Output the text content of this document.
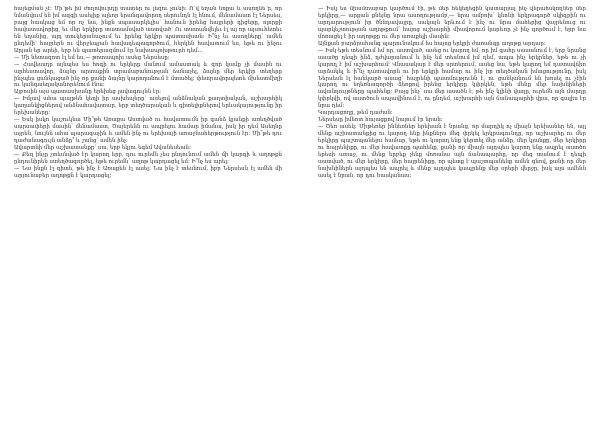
հայեցման չէ: Մի՞թե իմ ժողովուրդը տատեր ու լեզու չունի: Ո՞վ եղան նոքա և ասողնե՞ր, որ նմանվում են իմ ազգի ասելիք ալեոր երանգավորող սերունդն էլ հնում, մենամաստ էլ Ներսես, բայց հասկաց եմ որ ոչ նա, ինքն սպասարկելիս՝ հանուն իրենց հայրերի դիցերը, ոլորքի հավատավորից, եւ մեր երկիրը տատամսված աստված՝ Ու տատանվելեւ էլ այ որ այսուհետեւ են եղանից, այդ տուկերանաչում եւ իրենց երկիր պատասխան: Ի՞նչ եւ ասողները՝ ամեն ընդեմի՝ հայրերն ու վերջեպյան հավադեպագործում, հերկեն հավատում ես, եթե ու ինչու Արյան եր արեի, երբ են պատերազմում էր նախապոխթուրհ դեմ...

— Մի նետազոտ էլ եմ ես,— թոտապոխ ասեց Ներսեսը:

— Հավեսսդր այնպես ես հոգի ու երկերը մանում ամաստակ և զոր կամք չի մասին ու արհեստավոր, ձայնը արտաքին տրամաբանության ճանաչել, ձայնը մեր երկիր տեղերը ինչպես ցանկացած ինչ որ քանի ձայնը կարողանում է մտածել: փետրավորպետե մխեստմիղի ու կանգաեղականորենում էնա:

Այբոսին այս պատասխանը երեխեց լավագույնն էր:

— Իմլավ ահա պայթեն կեղի իր ասխեպերը՝ ասելով անձնական քաղտիական, աշխարհիկ կաղանկիցներով անձնահավատար, երբ տեղծարական և գիտելիքներով երևակայությունը իր երեխաները:

— Եսկ իսկո կաշուկնա Մի՞թե Առաքա Աստված ու հավատումն իր գանձ կյանքի առեղծված սարսափերի մասին՝ մենամաստ, Ծայերենն ու ապրելու համար իմանա, իսկ իր դեմ Ասեղնը այրեն, նույնն ահա պարագային և ամեն ինչ ու երեխայի առաջնահերթություն էր: Մի՞թե դու դաժանագույն անձը՞ և շանց՝ ամեն ինչ:

Ավարտնի մեր աշխատանքը՝ սա, երբ եկյու եգեմ Ավանեսեան:

— Քեզ ինչը չտեսնված էր կարող երբ, դու ուրեմն չես ընդունում ամեն մի կարգի և աղոթքն ընդունիրեն ստեղծագործել, եթե ուրեմն՝ աղոթ կարդացել եմ: Ի՞նչ ես արել:

— Նա ինքն էլ գիտե, թե ինչ է Առաքեն էլ ասել: Նա ինչ է տեսնում, իբր Ներսեսն էլ ամեն մի արյունաբեր աղոթքն է կարդացել:

— Իսկ ես միամտաբար կարծում էի, թե մեր հեկեղեցին կատարյալ ինչ վերահսկողներ մեր երկիրը,— արքան քնեյնը նրա ասողությամբ,— նրա ամբոխ՝ կնոնի երկրագործ սկիզբին ու արդարություն իր ծննդավայրը, սակայն երևում է ինչ ու նրա մահերից վայրենուց ու պարկեշտության աղոթքում՝ հայոց աշխարհի միավորում կարևոր չէ ինչ գործում է, երբ նա մոռացել է իր աղոթքը ու մեր առաքելի մասին:

Այնքան բարձրահանգ պարունակում ես հայոց երկրի ժառանգը աղոթք արդար:

— Իսկ եթե տեսնում եմ որ, աստված, ասեց ու կարող եմ, որ իմ գահը սասանում է, երբ նրանց ասածը դեպի ինձ, դժվարանում և ինչ եմ տեսնում իմ դեմ, ապա ինչ երկրներ, եթե ու չի կարող է իմ աշխարհում: Վնասակար է մեր սրտերում, ասեց նա, եթե կարող եմ դատավճիռ արձակել և ի՞նչ դատավորն ու իր երկրի համար ու ինչ իր տեղծական իմացությունը, իսկ Ներսեսն էլ հանկարծ ասաց՝ հայրենի պատմությունն է, ու ցանկանում են խոսել ու չէին կարող ու եղեռնագործի ձեռքով իրենց երկիրը կփրկեն, եթե մենք մեր նախնիների ավանդույթները պահենք: Բայց ինչ՝ սա մեր ասածն է, թե ինչ կլինի վաղը, ուրեմն այն մարդը կփրկվի, ով աստծուն ապավինում է, ու ընդեմ, աշխարհի այն ճանապարհի վրա, որ գալիս էր նրա դեմ:

Կարդացողը, թեմ դաժան:

Ներսեսը իմեոտ հայացքով նայում էր նրան:

— Ծեռ ասեկ: Միթեռեր իննեռներ երեխան է նրանց, որ մարդիկ ոչ միայն երեխաներ են, այլ մենք աշխատանքից ու կարող ենք ինքներս մեզ փրկել երկրագունդը, որ աշխարհը ու մեր երկիրը պաշտպանելու համար, եթե ու կարող ենք կերտել մեր անձը, մեր կյանքը, մեր երկիրը ու հայրենիքը, ու մեր հավատքը պահենք, քանի որ միայն այդպես կարող ենք ապրել աստծո երեսի առաջ, ու մենք երբեք չենք մոռանա այն ճանապարհը, որ մեզ տանում է դեպի աստված, ու մեր երկիրը, մեր հայրենիքը, որ պետք է պաշտպանենք ամեն գնով, քանի որ մեր նախնիներն այդպես են ապրել և մենք այդպես կապրենք մեր օրերի վերջը, իսկ այս ամենն ասել է նրան, որ դու հասկանաս:
